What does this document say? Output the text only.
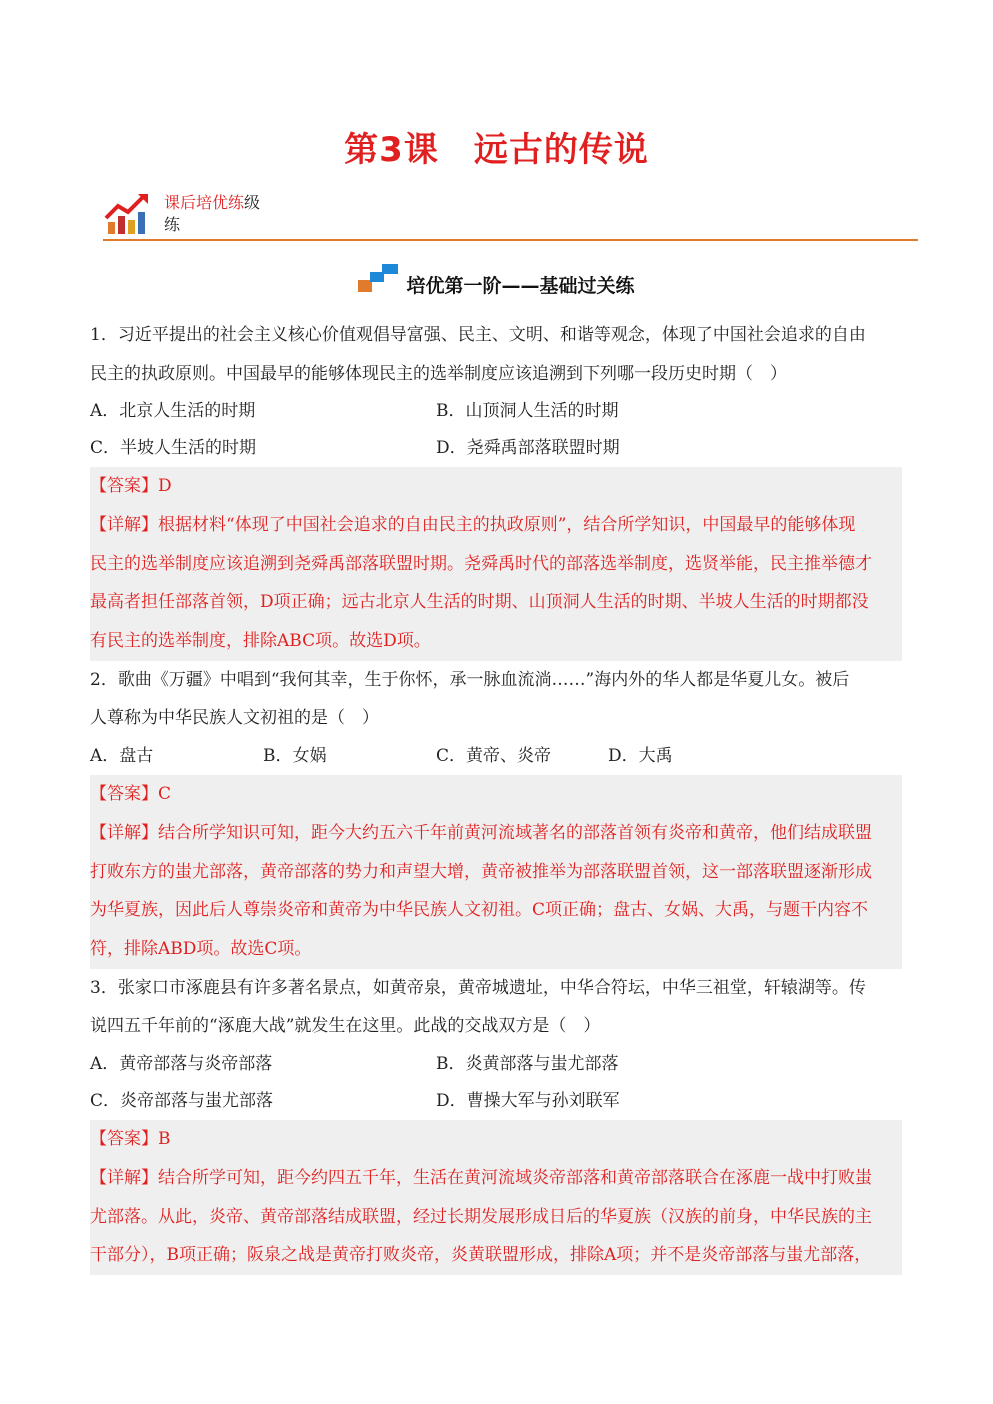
第3课　远古的传说
课后培优练级
练
培优第一阶——基础过关练
1．习近平提出的社会主义核心价值观倡导富强、民主、文明、和谐等观念，体现了中国社会追求的自由
民主的执政原则。中国最早的能够体现民主的选举制度应该追溯到下列哪一段历史时期（　）
A．北京人生活的时期	B．山顶洞人生活的时期
C．半坡人生活的时期	D．尧舜禹部落联盟时期

【答案】D

【详解】根据材料“体现了中国社会追求的自由民主的执政原则”，结合所学知识，中国最早的能够体现

民主的选举制度应该追溯到尧舜禹部落联盟时期。尧舜禹时代的部落选举制度，选贤举能，民主推举德才

最高者担任部落首领，D项正确；远古北京人生活的时期、山顶洞人生活的时期、半坡人生活的时期都没

有民主的选举制度，排除ABC项。故选D项。

2．歌曲《万疆》中唱到“我何其幸，生于你怀，承一脉血流淌……”海内外的华人都是华夏儿女。被后
人尊称为中华民族人文初祖的是（　）
A．盘古	B．女娲	C．黄帝、炎帝	D．大禹

【答案】C

【详解】结合所学知识可知，距今大约五六千年前黄河流域著名的部落首领有炎帝和黄帝，他们结成联盟

打败东方的蚩尤部落，黄帝部落的势力和声望大增，黄帝被推举为部落联盟首领，这一部落联盟逐渐形成

为华夏族，因此后人尊崇炎帝和黄帝为中华民族人文初祖。C项正确；盘古、女娲、大禹，与题干内容不

符，排除ABD项。故选C项。

3．张家口市涿鹿县有许多著名景点，如黄帝泉，黄帝城遗址，中华合符坛，中华三祖堂，轩辕湖等。传
说四五千年前的“涿鹿大战”就发生在这里。此战的交战双方是（　）
A．黄帝部落与炎帝部落	B．炎黄部落与蚩尤部落
C．炎帝部落与蚩尤部落	D．曹操大军与孙刘联军

【答案】B

【详解】结合所学可知，距今约四五千年，生活在黄河流域炎帝部落和黄帝部落联合在涿鹿一战中打败蚩

尤部落。从此，炎帝、黄帝部落结成联盟，经过长期发展形成日后的华夏族（汉族的前身，中华民族的主

干部分），B项正确；阪泉之战是黄帝打败炎帝，炎黄联盟形成，排除A项；并不是炎帝部落与蚩尤部落，
